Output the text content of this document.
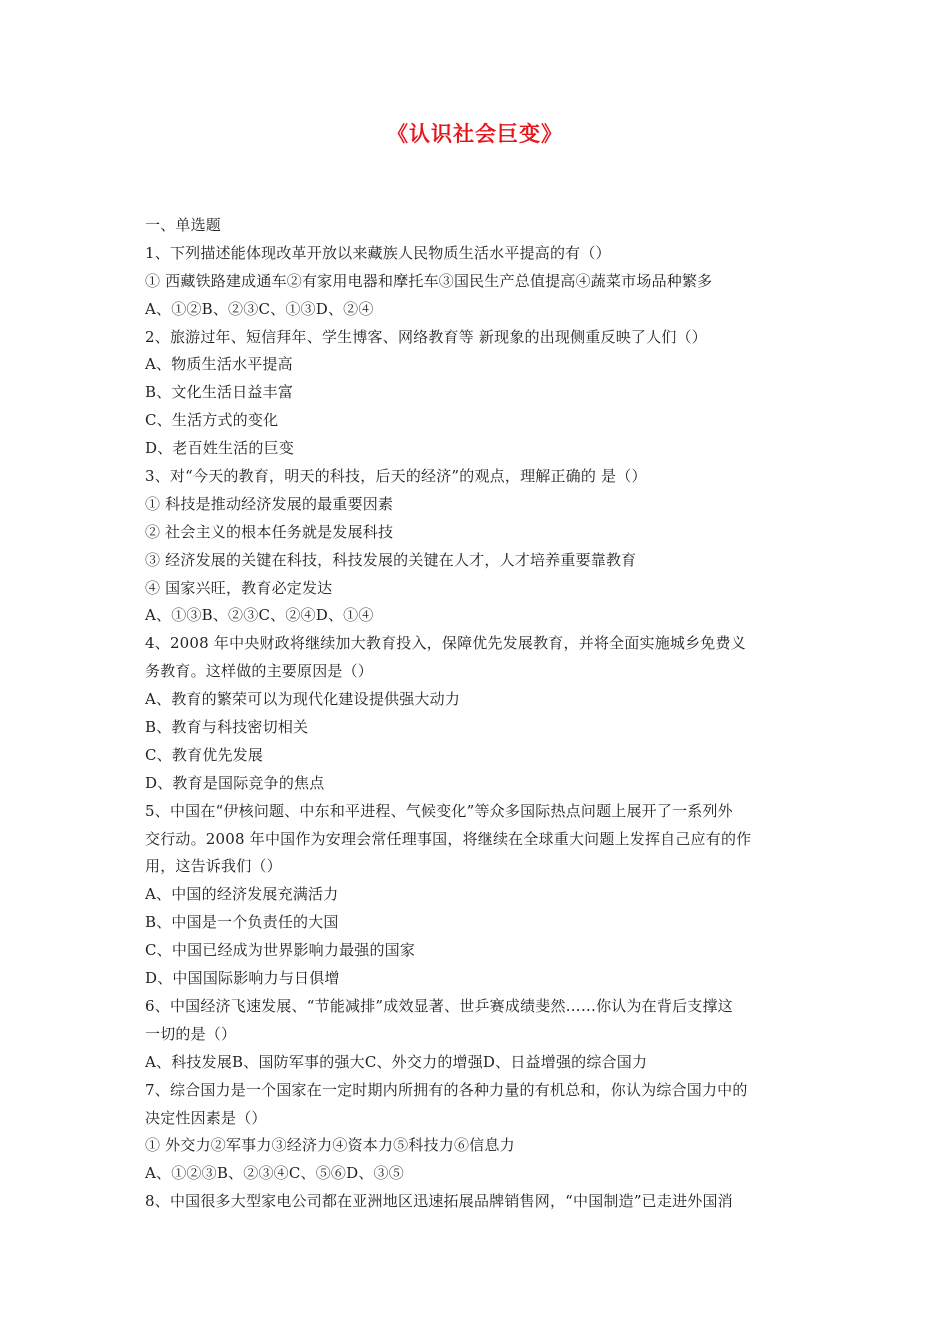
《认识社会巨变》
一、单选题
1、下列描述能体现改革开放以来藏族人民物质生活水平提高的有（）
① 西藏铁路建成通车②有家用电器和摩托车③国民生产总值提高④蔬菜市场品种繁多
A、①②B、②③C、①③D、②④
2、旅游过年、短信拜年、学生博客、网络教育等 新现象的出现侧重反映了人们（）
A、物质生活水平提高
B、文化生活日益丰富
C、生活方式的变化
D、老百姓生活的巨变
3、对“今天的教育，明天的科技，后天的经济”的观点，理解正确的 是（）
① 科技是推动经济发展的最重要因素
② 社会主义的根本任务就是发展科技
③ 经济发展的关键在科技，科技发展的关键在人才，人才培养重要靠教育
④ 国家兴旺，教育必定发达
A、①③B、②③C、②④D、①④
4、2008 年中央财政将继续加大教育投入，保障优先发展教育，并将全面实施城乡免费义
务教育。这样做的主要原因是（）
A、教育的繁荣可以为现代化建设提供强大动力
B、教育与科技密切相关
C、教育优先发展
D、教育是国际竞争的焦点
5、中国在“伊核问题、中东和平进程、气候变化”等众多国际热点问题上展开了一系列外
交行动。2008 年中国作为安理会常任理事国，将继续在全球重大问题上发挥自己应有的作
用，这告诉我们（）
A、中国的经济发展充满活力
B、中国是一个负责任的大国
C、中国已经成为世界影响力最强的国家
D、中国国际影响力与日俱增
6、中国经济飞速发展、“节能减排”成效显著、世乒赛成绩斐然……你认为在背后支撑这
一切的是（）
A、科技发展B、国防军事的强大C、外交力的增强D、日益增强的综合国力
7、综合国力是一个国家在一定时期内所拥有的各种力量的有机总和，你认为综合国力中的
决定性因素是（）
① 外交力②军事力③经济力④资本力⑤科技力⑥信息力
A、①②③B、②③④C、⑤⑥D、③⑤
8、中国很多大型家电公司都在亚洲地区迅速拓展品牌销售网，“中国制造”已走进外国消
